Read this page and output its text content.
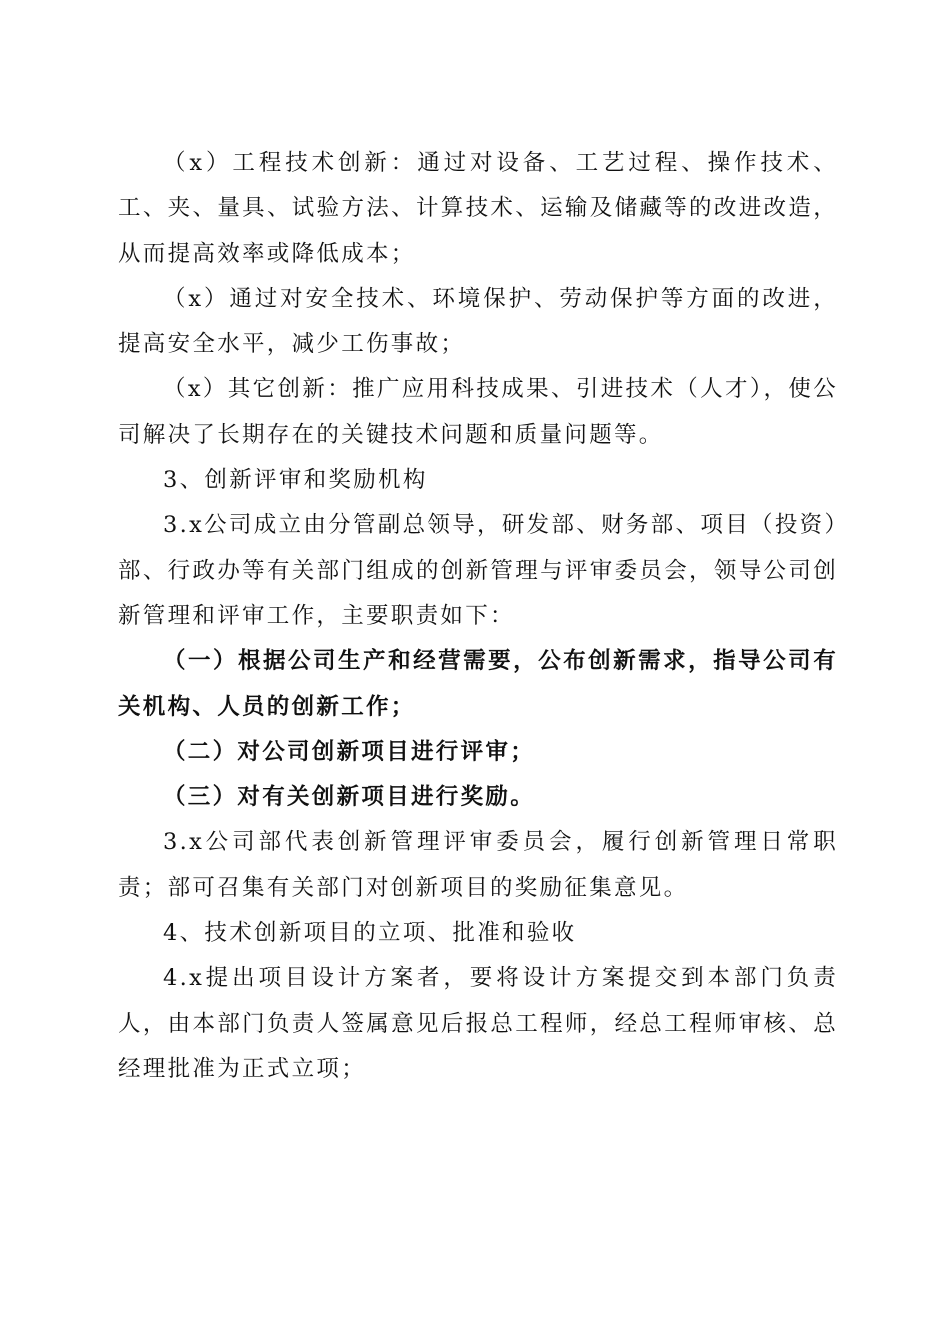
（x）工程技术创新：通过对设备、工艺过程、操作技术、工、夹、量具、试验方法、计算技术、运输及储藏等的改进改造，从而提高效率或降低成本；

（x）通过对安全技术、环境保护、劳动保护等方面的改进，提高安全水平，减少工伤事故；

（x）其它创新：推广应用科技成果、引进技术（人才），使公司解决了长期存在的关键技术问题和质量问题等。

3、创新评审和奖励机构

3.x公司成立由分管副总领导，研发部、财务部、项目（投资）部、行政办等有关部门组成的创新管理与评审委员会，领导公司创新管理和评审工作，主要职责如下：

（一）根据公司生产和经营需要，公布创新需求，指导公司有关机构、人员的创新工作；

（二）对公司创新项目进行评审；

（三）对有关创新项目进行奖励。

3.x公司部代表创新管理评审委员会，履行创新管理日常职责；部可召集有关部门对创新项目的奖励征集意见。

4、技术创新项目的立项、批准和验收

4.x提出项目设计方案者，要将设计方案提交到本部门负责人，由本部门负责人签属意见后报总工程师，经总工程师审核、总经理批准为正式立项；
